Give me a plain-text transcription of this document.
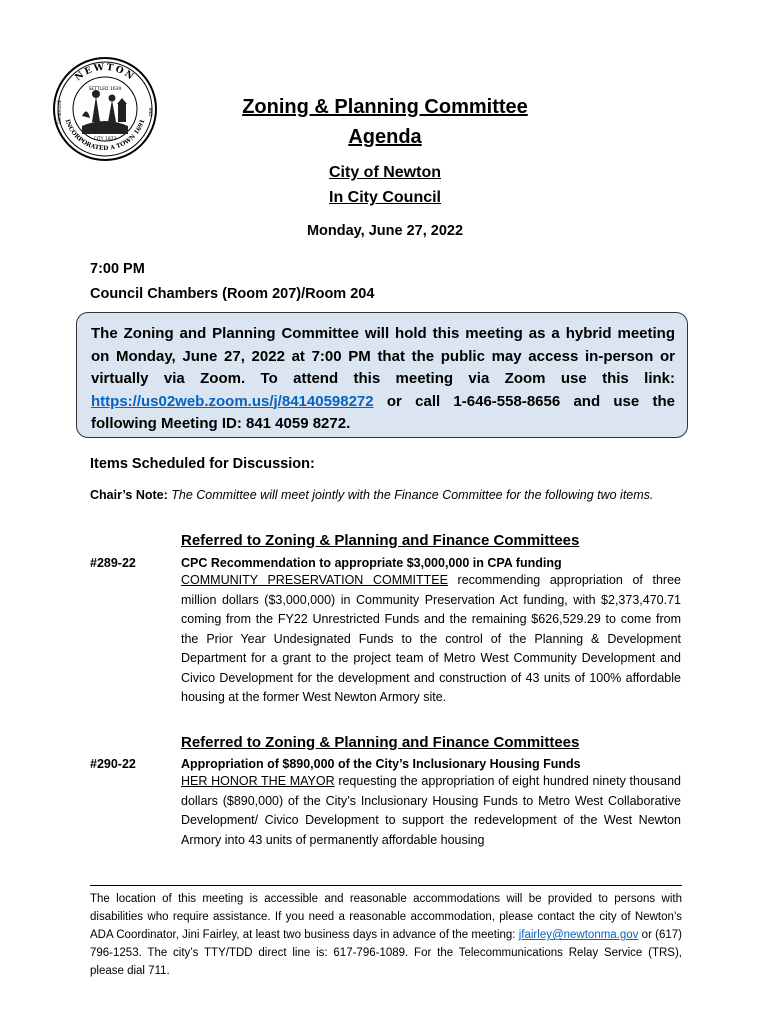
NEWTON
INCORPORATED A TOWN 1691
SETTLED 1630
CITY 1873
CAMBRIDGE	AND	Zoning & Planning Committee
Agenda
City of Newton
In City Council
Monday, June 27, 2022
7:00 PM
Council Chambers (Room 207)/Room 204
The Zoning and Planning Committee will hold this meeting as a hybrid meeting on Monday, June 27, 2022 at 7:00 PM that the public may access in-person or virtually via Zoom. To attend this meeting via Zoom use this link: https://us02web.zoom.us/j/84140598272 or call 1-646-558-8656 and use the following Meeting ID: 841 4059 8272.
Items Scheduled for Discussion:
Chair’s Note: The Committee will meet jointly with the Finance Committee for the following two items.
Referred to Zoning & Planning and Finance Committees
#289-22	CPC Recommendation to appropriate $3,000,000 in CPA funding
COMMUNITY PRESERVATION COMMITTEE recommending appropriation of three million dollars ($3,000,000) in Community Preservation Act funding, with $2,373,470.71 coming from the FY22 Unrestricted Funds and the remaining $626,529.29 to come from the Prior Year Undesignated Funds to the control of the Planning & Development Department for a grant to the project team of Metro West Community Development and Civico Development for the development and construction of 43 units of 100% affordable housing at the former West Newton Armory site.
Referred to Zoning & Planning and Finance Committees
#290-22	Appropriation of $890,000 of the City’s Inclusionary Housing Funds
HER HONOR THE MAYOR requesting the appropriation of eight hundred ninety thousand dollars ($890,000) of the City’s Inclusionary Housing Funds to Metro West Collaborative Development/ Civico Development to support the redevelopment of the West Newton Armory into 43 units of permanently affordable housing
The location of this meeting is accessible and reasonable accommodations will be provided to persons with disabilities who require assistance. If you need a reasonable accommodation, please contact the city of Newton’s ADA Coordinator, Jini Fairley, at least two business days in advance of the meeting: jfairley@newtonma.gov or (617) 796-1253. The city’s TTY/TDD direct line is: 617-796-1089. For the Telecommunications Relay Service (TRS), please dial 711.
